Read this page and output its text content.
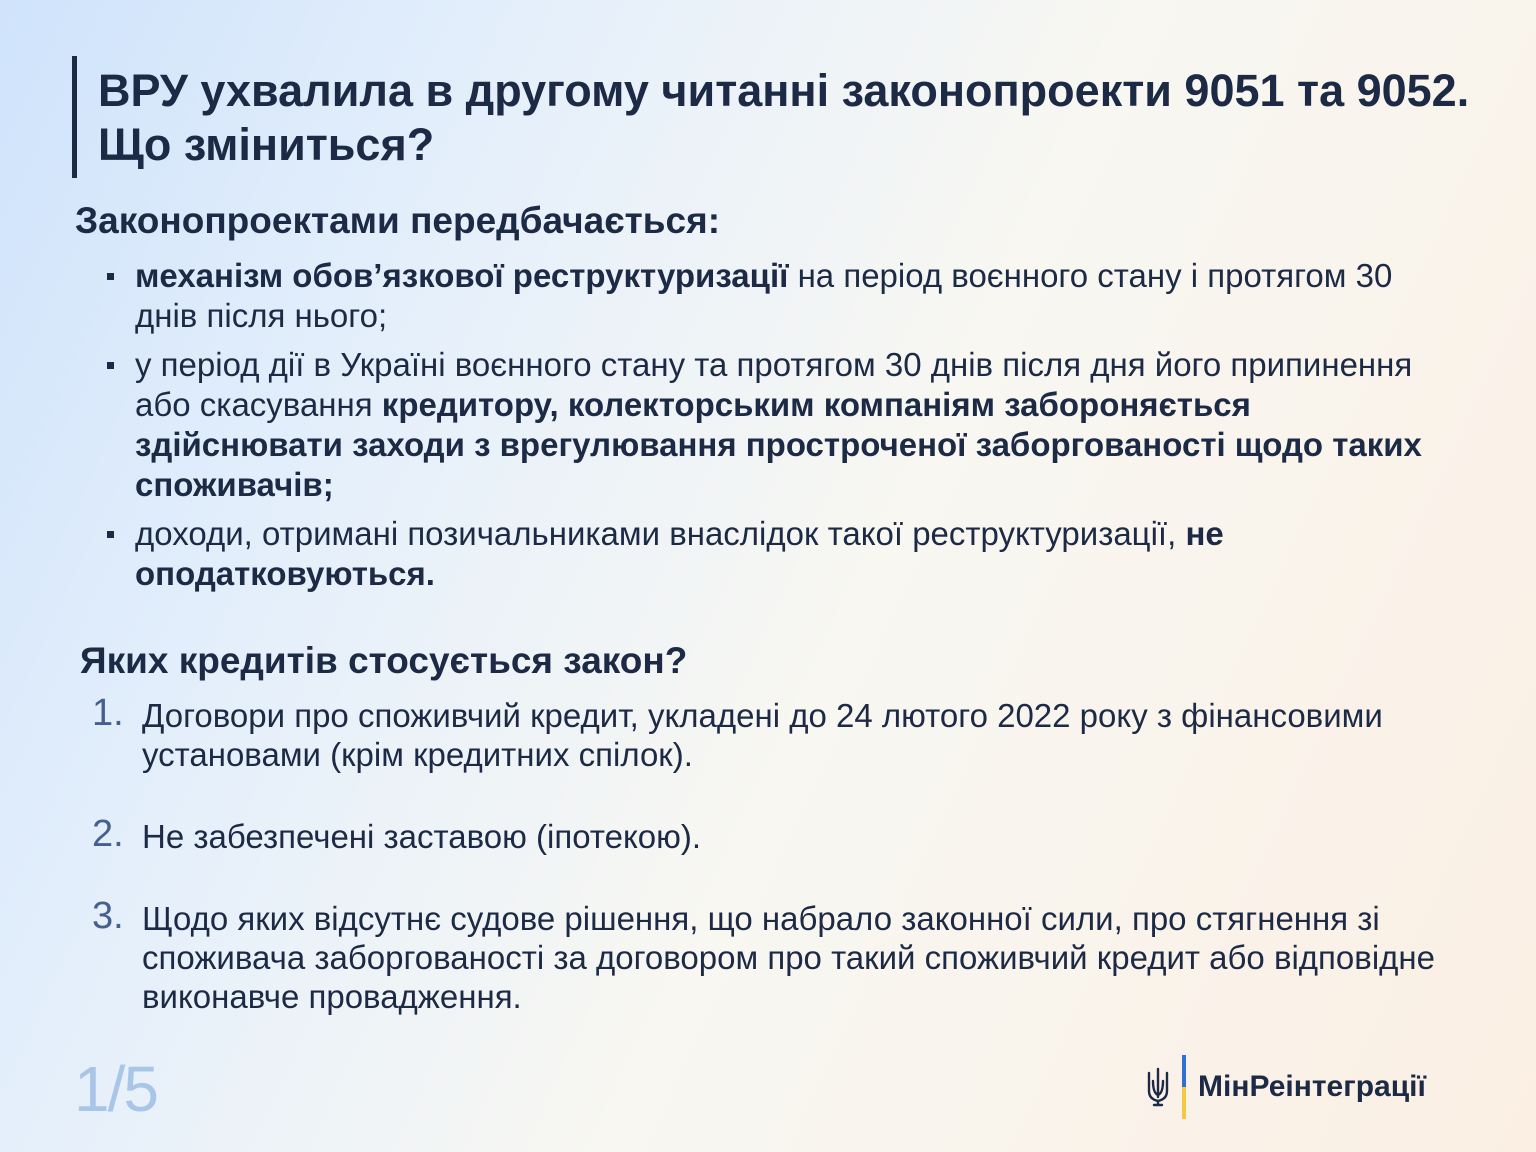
ВРУ ухвалила в другому читанні законопроекти 9051 та 9052. Що зміниться?
Законопроектами передбачається:
механізм обов’язкової реструктуризації на період воєнного стану і протягом 30 днів після нього;
у період дії в Україні воєнного стану та протягом 30 днів після дня його припинення або скасування кредитору, колекторським компаніям забороняється здійснювати заходи з врегулювання простроченої заборгованості щодо таких споживачів;
доходи, отримані позичальниками внаслідок такої реструктуризації, не оподатковуються.
Яких кредитів стосується закон?
1. Договори про споживчий кредит, укладені до 24 лютого 2022 року з фінансовими установами (крім кредитних спілок).
2. Не забезпечені заставою (іпотекою).
3. Щодо яких відсутнє судове рішення, що набрало законної сили, про стягнення зі споживача заборгованості за договором про такий споживчий кредит або відповідне виконавче провадження.
1/5	МінРеінтеграції
